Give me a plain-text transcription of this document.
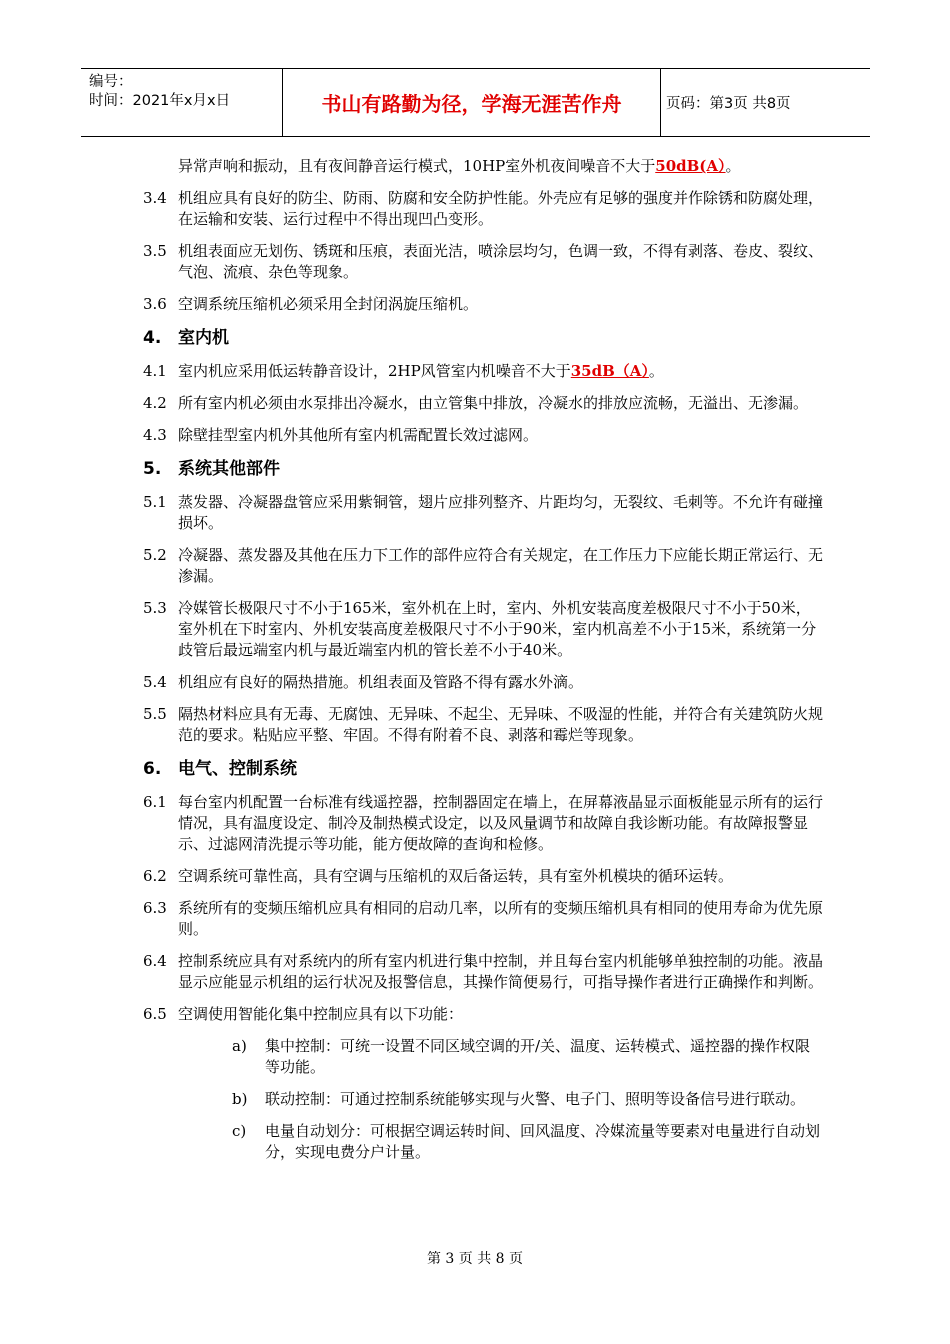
编号：
时间：2021年x月x日	书山有路勤为径，学海无涯苦作舟	页码：第3页 共8页
异常声响和振动，且有夜间静音运行模式，10HP室外机夜间噪音不大于50dB(A）。
3.4 机组应具有良好的防尘、防雨、防腐和安全防护性能。外壳应有足够的强度并作除锈和防腐处理，在运输和安装、运行过程中不得出现凹凸变形。
3.5 机组表面应无划伤、锈斑和压痕，表面光洁，喷涂层均匀，色调一致，不得有剥落、卷皮、裂纹、气泡、流痕、杂色等现象。
3.6 空调系统压缩机必须采用全封闭涡旋压缩机。
4. 室内机
4.1 室内机应采用低运转静音设计，2HP风管室内机噪音不大于35dB（A）。
4.2 所有室内机必须由水泵排出冷凝水，由立管集中排放，冷凝水的排放应流畅，无溢出、无渗漏。
4.3 除壁挂型室内机外其他所有室内机需配置长效过滤网。
5. 系统其他部件
5.1 蒸发器、冷凝器盘管应采用紫铜管，翅片应排列整齐、片距均匀，无裂纹、毛刺等。不允许有碰撞损坏。
5.2 冷凝器、蒸发器及其他在压力下工作的部件应符合有关规定，在工作压力下应能长期正常运行、无渗漏。
5.3 冷媒管长极限尺寸不小于165米，室外机在上时，室内、外机安装高度差极限尺寸不小于50米，室外机在下时室内、外机安装高度差极限尺寸不小于90米，室内机高差不小于15米，系统第一分歧管后最远端室内机与最近端室内机的管长差不小于40米。
5.4 机组应有良好的隔热措施。机组表面及管路不得有露水外滴。
5.5 隔热材料应具有无毒、无腐蚀、无异味、不起尘、无异味、不吸湿的性能，并符合有关建筑防火规范的要求。粘贴应平整、牢固。不得有附着不良、剥落和霉烂等现象。
6. 电气、控制系统
6.1 每台室内机配置一台标准有线遥控器，控制器固定在墙上，在屏幕液晶显示面板能显示所有的运行情况，具有温度设定、制冷及制热模式设定，以及风量调节和故障自我诊断功能。有故障报警显示、过滤网清洗提示等功能，能方便故障的查询和检修。
6.2 空调系统可靠性高，具有空调与压缩机的双后备运转，具有室外机模块的循环运转。
6.3 系统所有的变频压缩机应具有相同的启动几率，以所有的变频压缩机具有相同的使用寿命为优先原则。
6.4 控制系统应具有对系统内的所有室内机进行集中控制，并且每台室内机能够单独控制的功能。液晶显示应能显示机组的运行状况及报警信息，其操作简便易行，可指导操作者进行正确操作和判断。
6.5 空调使用智能化集中控制应具有以下功能：
a) 集中控制：可统一设置不同区域空调的开/关、温度、运转模式、遥控器的操作权限等功能。
b) 联动控制：可通过控制系统能够实现与火警、电子门、照明等设备信号进行联动。
c) 电量自动划分：可根据空调运转时间、回风温度、冷媒流量等要素对电量进行自动划分，实现电费分户计量。
第 3 页 共 8 页
